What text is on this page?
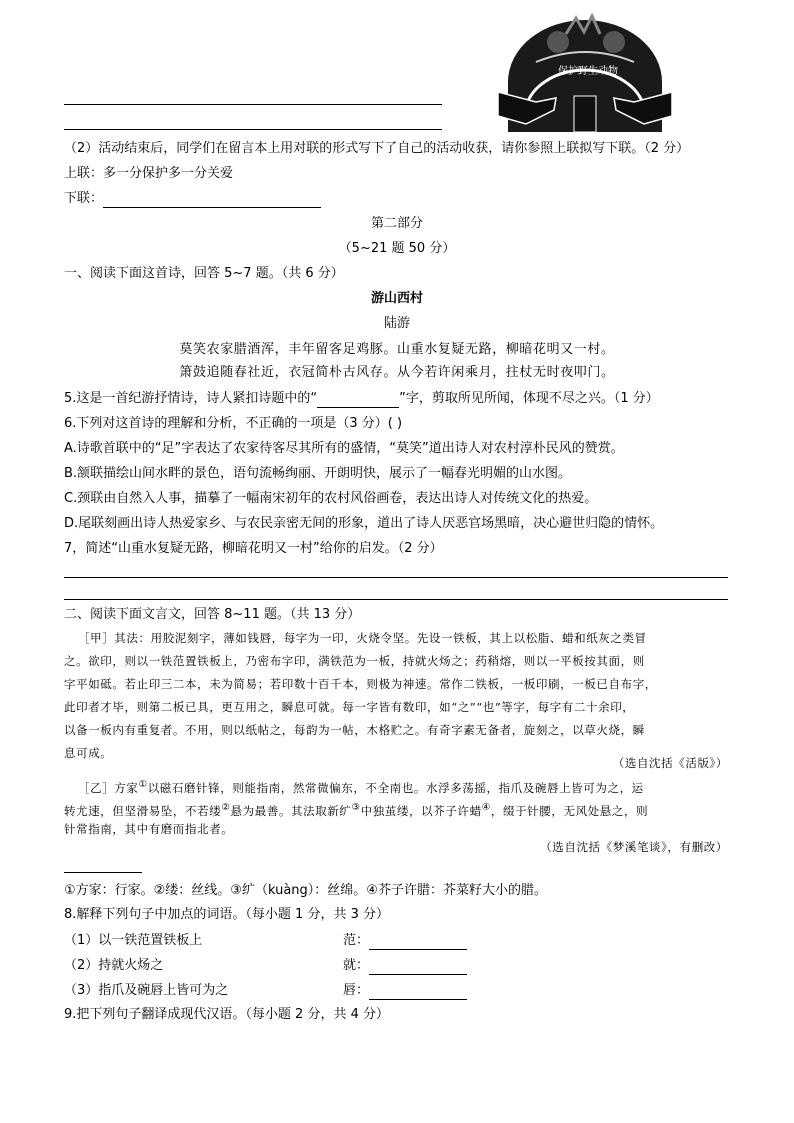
保护野生动物
（2）活动结束后，同学们在留言本上用对联的形式写下了自己的活动收获，请你参照上联拟写下联。（2 分）
上联：多一分保护多一分关爱
下联：
第二部分
（5~21 题 50 分）
一、阅读下面这首诗，回答 5~7 题。（共 6 分）
游山西村
陆游
莫笑农家腊酒浑，丰年留客足鸡豚。山重水复疑无路，柳暗花明又一村。
箫鼓追随春社近，衣冠简朴古风存。从今若许闲乘月，拄杖无时夜叩门。
5.这是一首纪游抒情诗，诗人紧扣诗题中的“	”字，剪取所见所闻，体现不尽之兴。（1 分）
6.下列对这首诗的理解和分析，不正确的一项是（3 分）( )
A.诗歌首联中的“足”字表达了农家待客尽其所有的盛情，“莫笑”道出诗人对农村淳朴民风的赞赏。
B.颔联描绘山间水畔的景色，语句流畅绚丽、开朗明快，展示了一幅春光明媚的山水图。
C.颈联由自然入人事，描摹了一幅南宋初年的农村风俗画卷，表达出诗人对传统文化的热爱。
D.尾联刻画出诗人热爱家乡、与农民亲密无间的形象，道出了诗人厌恶官场黑暗，决心避世归隐的情怀。
7，简述“山重水复疑无路，柳暗花明又一村”给你的启发。（2 分）
二、阅读下面文言文，回答 8~11 题。（共 13 分）
［甲］其法：用胶泥刻字，薄如钱唇，每字为一印，火烧令坚。先设一铁板，其上以松脂、蜡和纸灰之类冒
之。欲印，则以一铁范置铁板上，乃密布字印，满铁范为一板，持就火炀之；药稍熔，则以一平板按其面，则
字平如砥。若止印三二本，未为简易；若印数十百千本，则极为神速。常作二铁板，一板印刷，一板已自布字，
此印者才毕，则第二板已具，更互用之，瞬息可就。每一字皆有数印，如“之”“也”等字，每字有二十余印，
以备一板内有重复者。不用，则以纸帖之，每韵为一帖，木格贮之。有奇字素无备者，旋刻之，以草火烧，瞬
息可成。
（选自沈括《活版》）
［乙］方家①以磁石磨针锋，则能指南，然常微偏东，不全南也。水浮多荡摇，指爪及碗唇上皆可为之，运
转尤速，但坚滑易坠，不若缕②悬为最善。其法取新纩③中独茧缕，以芥子许蜡④，缀于针腰，无风处悬之，则
针常指南，其中有磨而指北者。
（选自沈括《梦溪笔谈》，有删改）
①方家：行家。②缕：丝线。③纩（kuàng）：丝绵。④芥子许腊：芥菜籽大小的腊。
8.解释下列句子中加点的词语。（每小题 1 分，共 3 分）
（1）以一铁范置铁板上	范：
（2）持就火炀之	就：
（3）指爪及碗唇上皆可为之	唇：
9.把下列句子翻译成现代汉语。（每小题 2 分，共 4 分）
